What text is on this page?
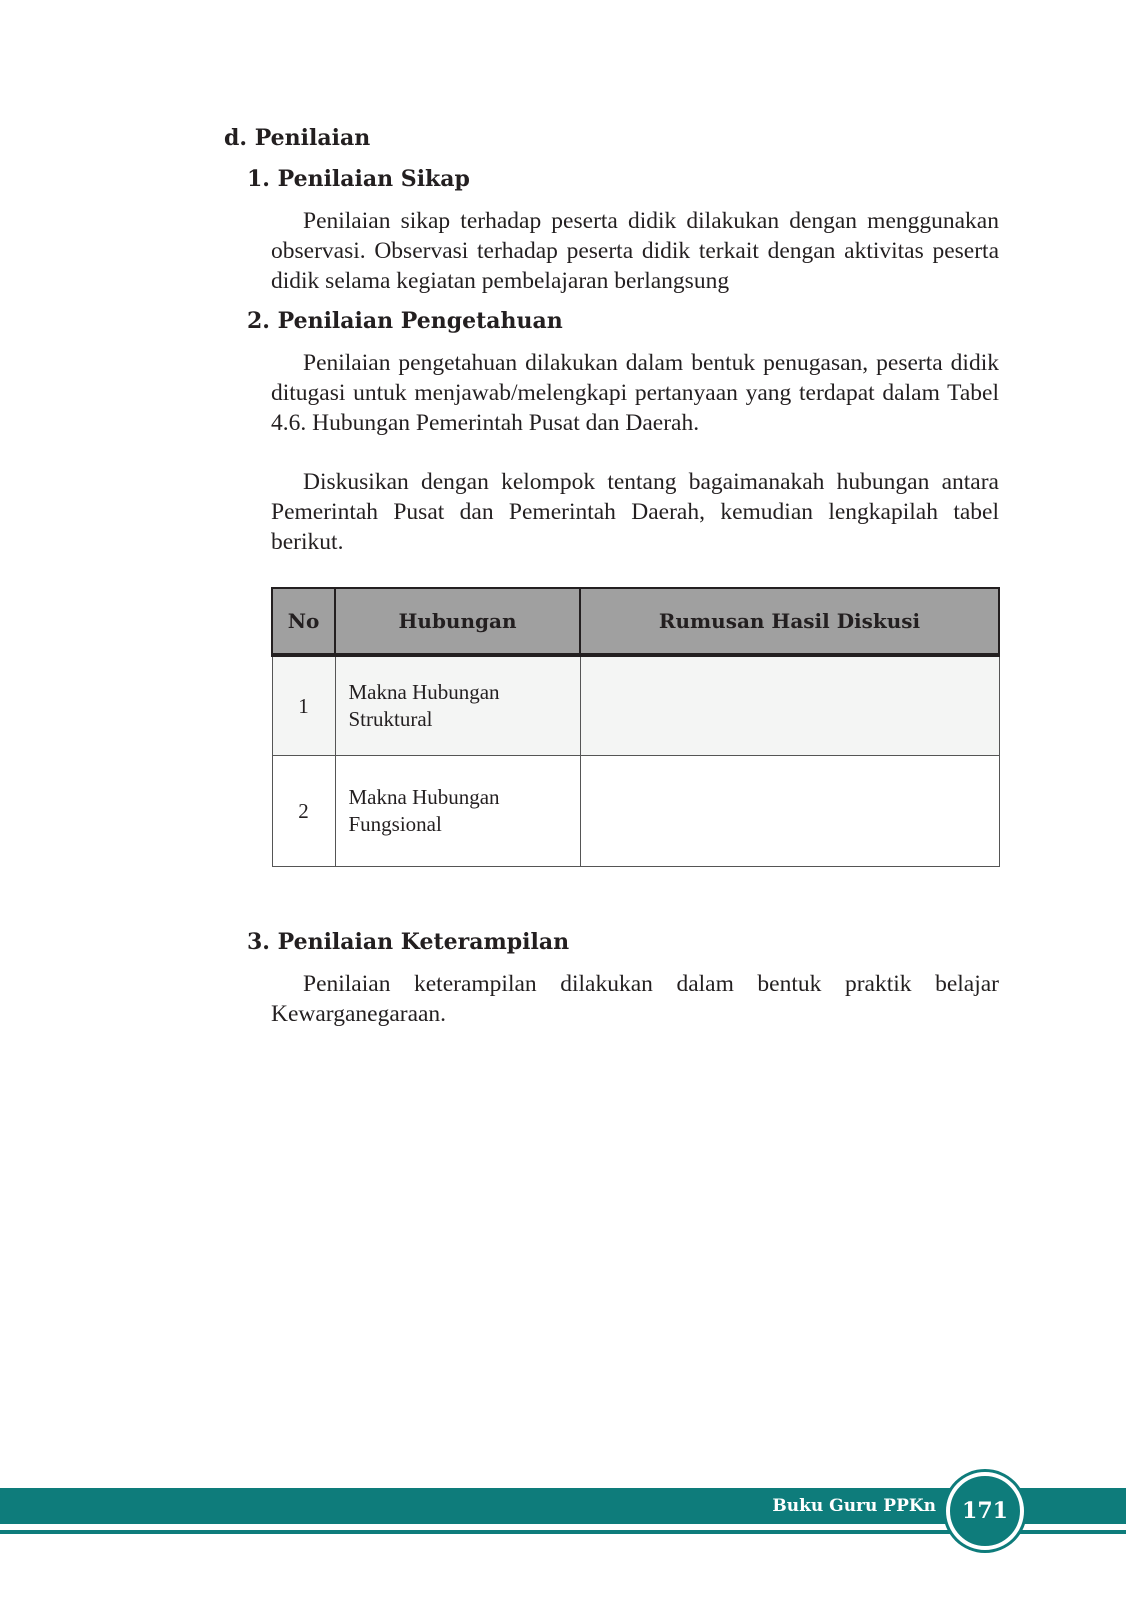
d. Penilaian
1. Penilaian Sikap
Penilaian sikap terhadap peserta didik dilakukan dengan menggunakan observasi. Observasi terhadap peserta didik terkait dengan aktivitas peserta didik selama kegiatan pembelajaran berlangsung
2. Penilaian Pengetahuan
Penilaian pengetahuan dilakukan dalam bentuk penugasan, peserta didik ditugasi untuk menjawab/melengkapi pertanyaan yang terdapat dalam Tabel 4.6. Hubungan Pemerintah Pusat dan Daerah.
Diskusikan dengan kelompok tentang bagaimanakah hubungan antara Pemerintah Pusat dan Pemerintah Daerah, kemudian lengkapilah tabel berikut.
No	Hubungan	Rumusan Hasil Diskusi
1	Makna Hubungan
Struktural	

2	Makna Hubungan
Fungsional	

3. Penilaian Keterampilan
Penilaian keterampilan dilakukan dalam bentuk praktik belajar Kewarganegaraan.
Buku Guru PPKn 171
